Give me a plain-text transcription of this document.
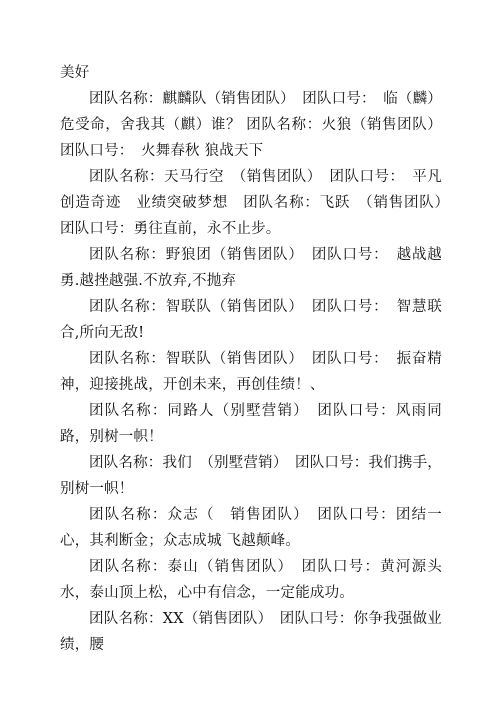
美好

团队名称：麒麟队（销售团队）　团队口号：　临（麟）危受命，舍我其（麒）谁？ 团队名称：火狼（销售团队） 团队口号：　火舞春秋 狼战天下

团队名称：天马行空　（销售团队）　团队口号：　平凡创造奇迹　业绩突破梦想　团队名称：飞跃　（销售团队）　团队口号：勇往直前，永不止步。

团队名称：野狼团（销售团队）　团队口号：　越战越勇.越挫越强.不放弃,不抛弃

团队名称：智联队（销售团队）　团队口号：　智慧联合,所向无敌!

团队名称：智联队（销售团队）　团队口号：　振奋精神，迎接挑战，开创未来，再创佳绩！、

团队名称：同路人（别墅营销）　团队口号：风雨同路，别树一帜！

团队名称：我们　（别墅营销）　团队口号：我们携手，别树一帜！

团队名称：众志（　销售团队）　团队口号：团结一心，其利断金；众志成城 飞越颠峰。

团队名称：泰山（销售团队）　团队口号：黄河源头水，泰山顶上松，心中有信念，一定能成功。

团队名称：XX（销售团队）　团队口号：你争我强做业绩，腰
